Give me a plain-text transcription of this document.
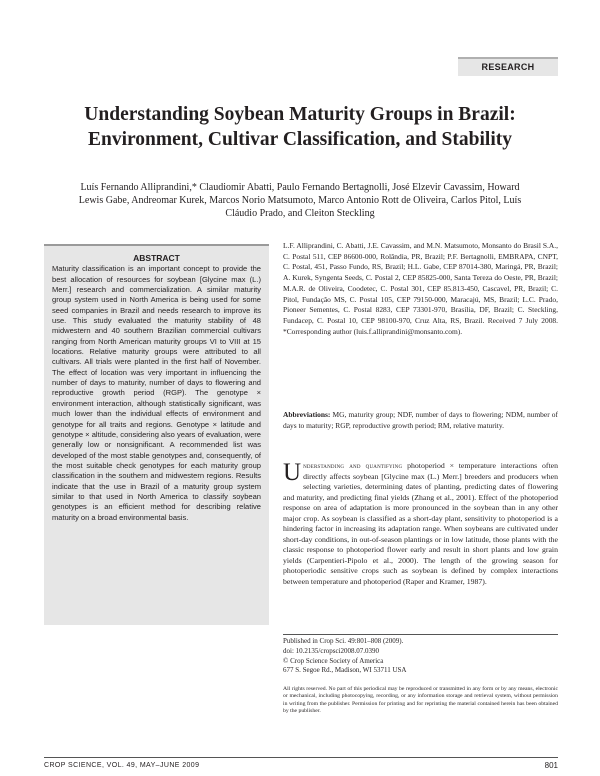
RESEARCH
Understanding Soybean Maturity Groups in Brazil: Environment, Cultivar Classification, and Stability
Luís Fernando Alliprandini,* Claudiomir Abatti, Paulo Fernando Bertagnolli, José Elzevir Cavassim, Howard Lewis Gabe, Andreomar Kurek, Marcos Norio Matsumoto, Marco Antonio Rott de Oliveira, Carlos Pitol, Luís Cláudio Prado, and Cleiton Steckling
ABSTRACT
Maturity classification is an important concept to provide the best allocation of resources for soybean [Glycine max (L.) Merr.] research and commercialization. A similar maturity group system used in North America is being used for some seed companies in Brazil and needs research to improve its use. This study evaluated the maturity stability of 48 midwestern and 40 southern Brazilian commercial cultivars ranging from North American maturity groups VI to VIII at 15 locations. Relative maturity groups were attributed to all cultivars. All trials were planted in the first half of November. The effect of location was very important in influencing the number of days to maturity, number of days to flowering and reproductive growth period (RGP). The genotype × environment interaction, although statistically significant, was much lower than the individual effects of environment and genotype for all traits and regions. Genotype × latitude and genotype × altitude, considering also years of evaluation, were generally low or nonsignificant. A recommended list was developed of the most stable genotypes and, consequently, of the most suitable check genotypes for each maturity group classification in the southern and midwestern regions. Results indicate that the use in Brazil of a maturity group system similar to that used in North America to classify soybean genotypes is an efficient method for describing relative maturity on a broad environmental basis.

L.F. Alliprandini, C. Abatti, J.E. Cavassim, and M.N. Matsumoto, Monsanto do Brasil S.A., C. Postal 511, CEP 86600-000, Rolândia, PR, Brazil; P.F. Bertagnolli, EMBRAPA, CNPT, C. Postal, 451, Passo Fundo, RS, Brazil; H.L. Gabe, CEP 87014-380, Maringá, PR, Brazil; A. Kurek, Syngenta Seeds, C. Postal 2, CEP 85825-000, Santa Tereza do Oeste, PR, Brazil; M.A.R. de Oliveira, Coodetec, C. Postal 301, CEP 85.813-450, Cascavel, PR, Brazil; C. Pitol, Fundação MS, C. Postal 105, CEP 79150-000, Maracajú, MS, Brazil; L.C. Prado, Pioneer Sementes, C. Postal 8283, CEP 73301-970, Brasília, DF, Brazil; C. Steckling, Fundacep, C. Postal 10, CEP 98100-970, Cruz Alta, RS, Brazil. Received 7 July 2008. *Corresponding author (luis.f.alliprandini@monsanto.com).

Abbreviations: MG, maturity group; NDF, number of days to flowering; NDM, number of days to maturity; RGP, reproductive growth period; RM, relative maturity.

Understanding and quantifying photoperiod × temperature interactions often directly affects soybean [Glycine max (L.) Merr.] breeders and producers when selecting varieties, determining dates of planting, predicting dates of flowering and maturity, and predicting final yields (Zhang et al., 2001). Effect of the photoperiod response on area of adaptation is more pronounced in the soybean than in any other major crop. As soybean is classified as a short-day plant, sensitivity to photoperiod is a hindering factor in increasing its adaptation range. When soybeans are cultivated under short-day conditions, in out-of-season plantings or in low latitude, those plants with the classic response to photoperiod flower early and result in short plants and low grain yields (Carpentieri-Pipolo et al., 2000). The length of the growing season for photoperiodic sensitive crops such as soybean is defined by complex interactions between temperature and photoperiod (Raper and Kramer, 1987).

Published in Crop Sci. 49:801–808 (2009).
doi: 10.2135/cropsci2008.07.0390
© Crop Science Society of America
677 S. Segoe Rd., Madison, WI 53711 USA

All rights reserved. No part of this periodical may be reproduced or transmitted in any form or by any means, electronic or mechanical, including photocopying, recording, or any information storage and retrieval system, without permission in writing from the publisher. Permission for printing and for reprinting the material contained herein has been obtained by the publisher.

CROP SCIENCE, VOL. 49, MAY–JUNE 2009	801
